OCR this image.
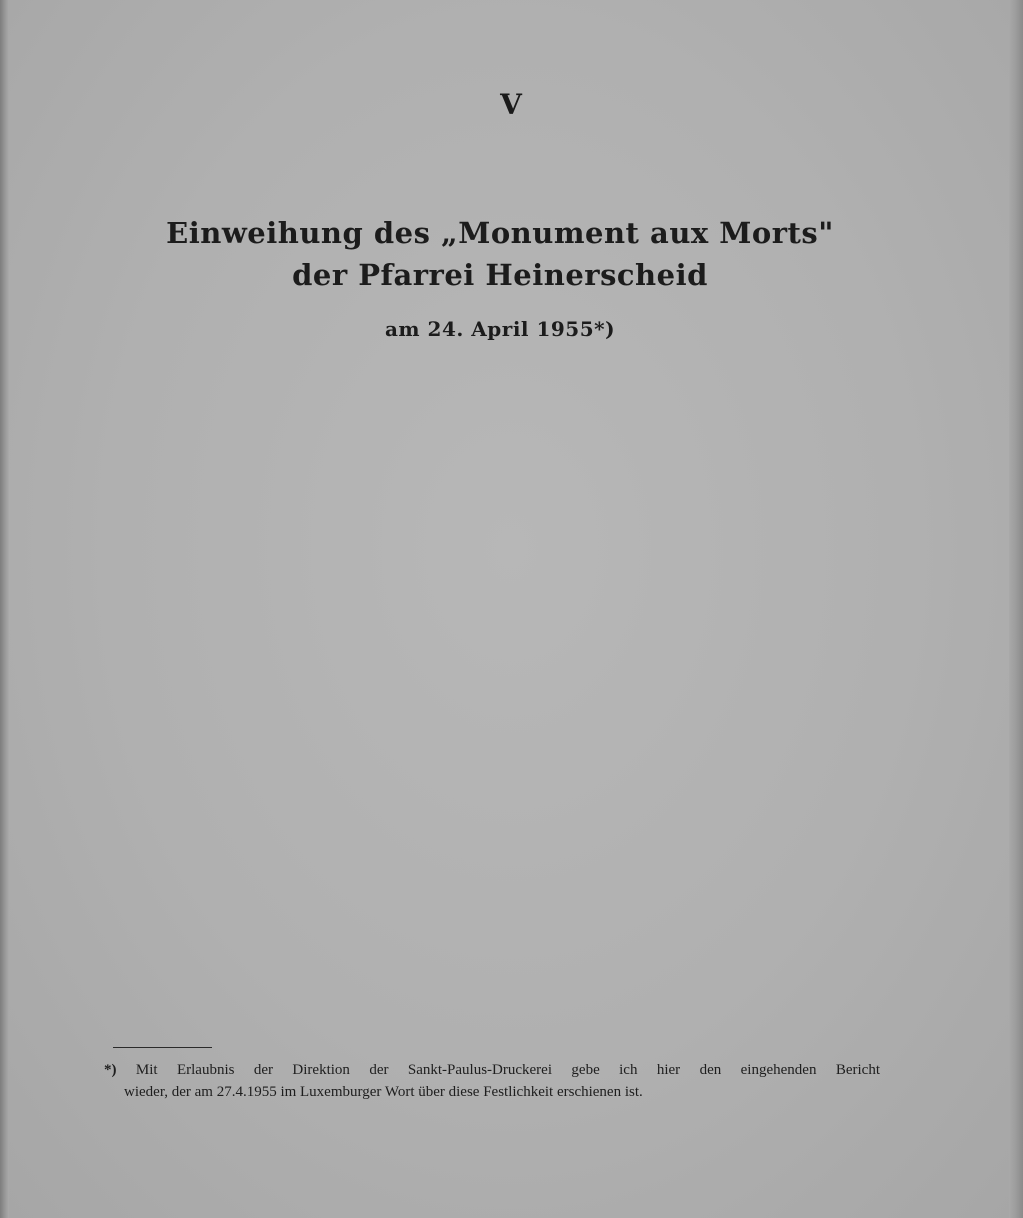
V
Einweihung des „Monument aux Morts"
der Pfarrei Heinerscheid
am 24. April 1955*)
*) Mit Erlaubnis der Direktion der Sankt-Paulus-Druckerei gebe ich hier den eingehenden Bericht
wieder, der am 27.4.1955 im Luxemburger Wort über diese Festlichkeit erschienen ist.
